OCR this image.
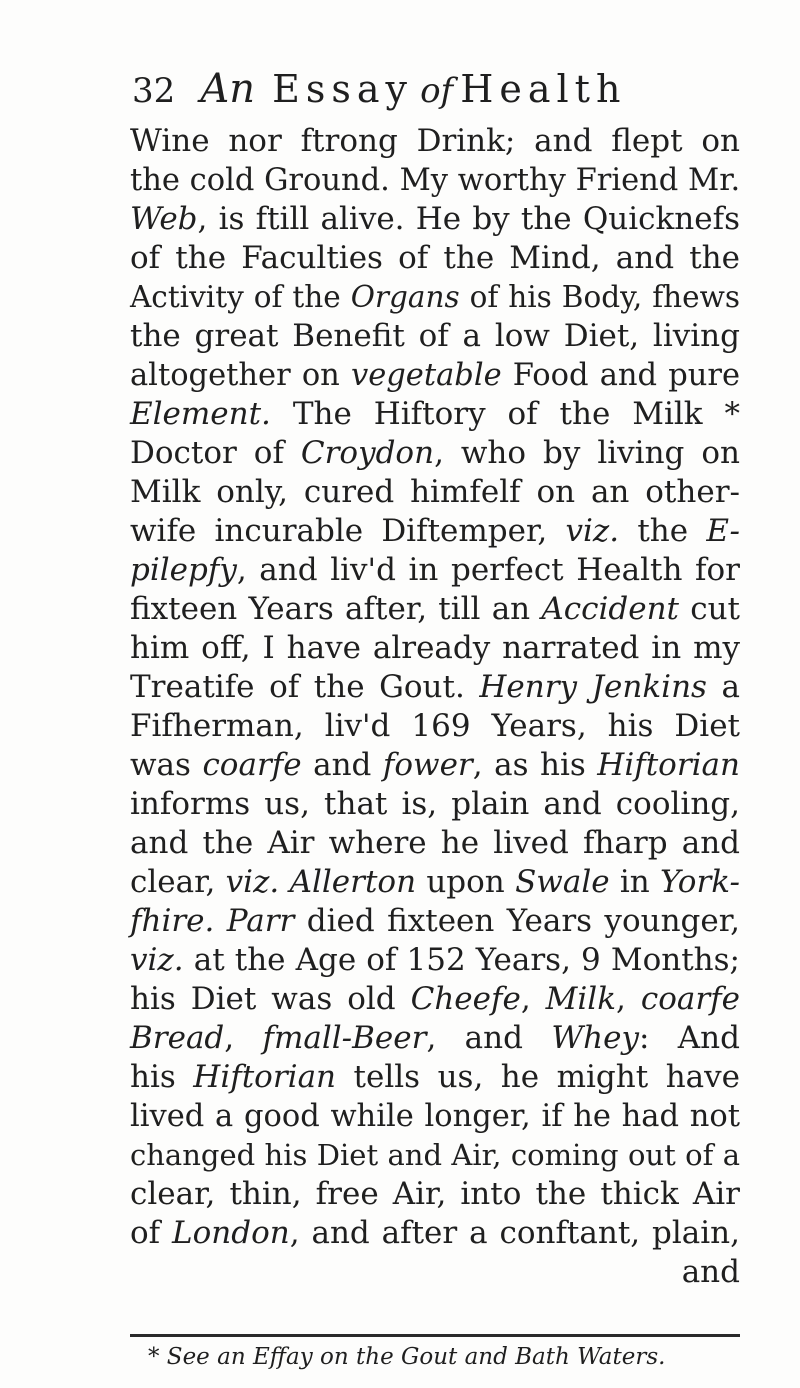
32 An Essay of Health
Wine nor ftrong Drink; and flept on
the cold Ground. My worthy Friend Mr.
Web, is ftill alive. He by the Quicknefs
of the Faculties of the Mind, and the
Activity of the Organs of his Body, fhews
the great Benefit of a low Diet, living
altogether on vegetable Food and pure
Element. The Hiftory of the Milk *
Doctor of Croydon, who by living on
Milk only, cured himfelf on an other-
wife incurable Diftemper, viz. the E-
pilepfy, and liv'd in perfect Health for
fixteen Years after, till an Accident cut
him off, I have already narrated in my
Treatife of the Gout. Henry Jenkins a
Fifherman, liv'd 169 Years, his Diet
was coarfe and fower, as his Hiftorian
informs us, that is, plain and cooling,
and the Air where he lived fharp and
clear, viz. Allerton upon Swale in York-
fhire. Parr died fixteen Years younger,
viz. at the Age of 152 Years, 9 Months;
his Diet was old Cheefe, Milk, coarfe
Bread, fmall-Beer, and Whey: And
his Hiftorian tells us, he might have
lived a good while longer, if he had not
changed his Diet and Air, coming out of a
clear, thin, free Air, into the thick Air
of London, and after a conftant, plain,
and
* See an Effay on the Gout and Bath Waters.
